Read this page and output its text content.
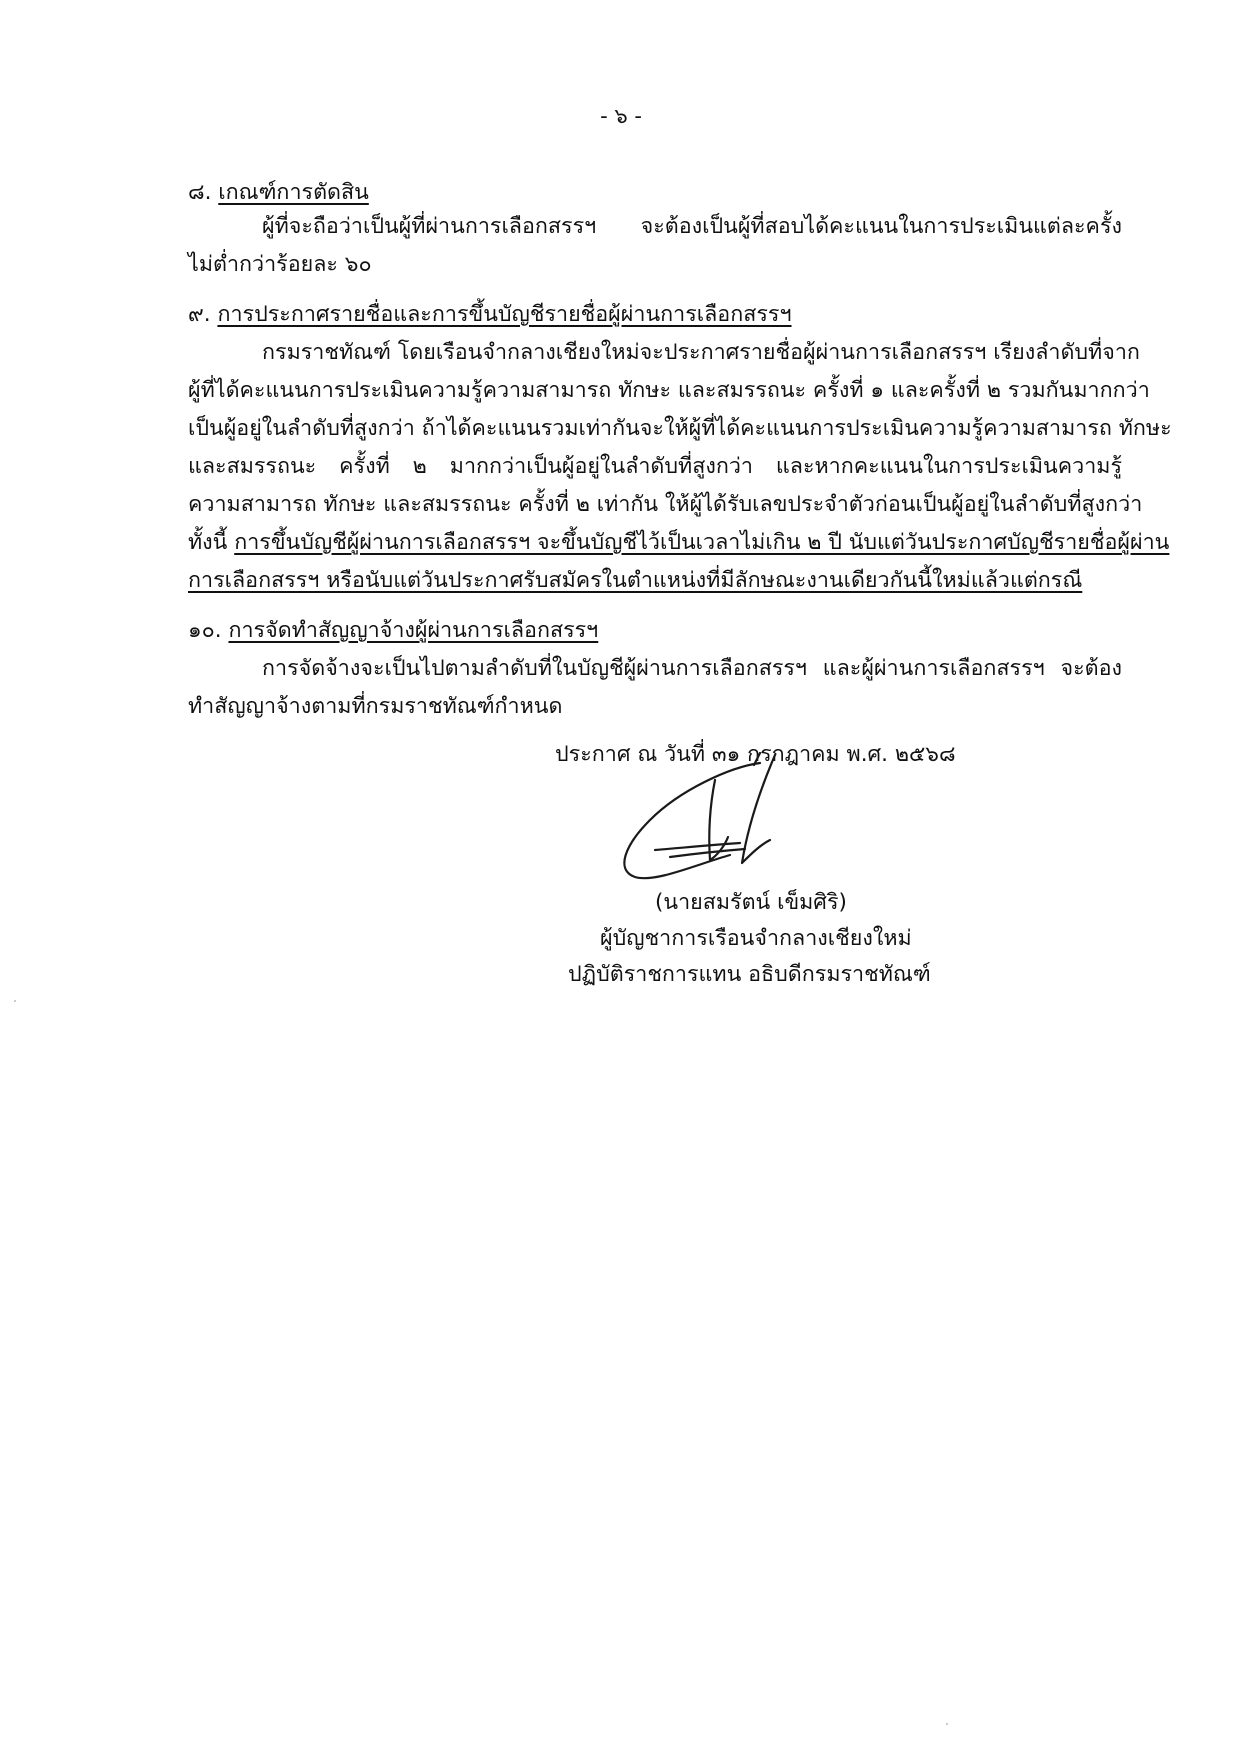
- ๖ -
๘. เกณฑ์การตัดสิน
ผู้ที่จะถือว่าเป็นผู้ที่ผ่านการเลือกสรรฯ จะต้องเป็นผู้ที่สอบได้คะแนนในการประเมินแต่ละครั้ง
ไม่ต่ำกว่าร้อยละ ๖๐
๙. การประกาศรายชื่อและการขึ้นบัญชีรายชื่อผู้ผ่านการเลือกสรรฯ
กรมราชทัณฑ์ โดยเรือนจำกลางเชียงใหม่จะประกาศรายชื่อผู้ผ่านการเลือกสรรฯ เรียงลำดับที่จาก
ผู้ที่ได้คะแนนการประเมินความรู้ความสามารถ ทักษะ และสมรรถนะ ครั้งที่ ๑ และครั้งที่ ๒ รวมกันมากกว่า
เป็นผู้อยู่ในลำดับที่สูงกว่า ถ้าได้คะแนนรวมเท่ากันจะให้ผู้ที่ได้คะแนนการประเมินความรู้ความสามารถ ทักษะ
และสมรรถนะ ครั้งที่ ๒ มากกว่าเป็นผู้อยู่ในลำดับที่สูงกว่า และหากคะแนนในการประเมินความรู้
ความสามารถ ทักษะ และสมรรถนะ ครั้งที่ ๒ เท่ากัน ให้ผู้ได้รับเลขประจำตัวก่อนเป็นผู้อยู่ในลำดับที่สูงกว่า
ทั้งนี้ การขึ้นบัญชีผู้ผ่านการเลือกสรรฯ จะขึ้นบัญชีไว้เป็นเวลาไม่เกิน ๒ ปี นับแต่วันประกาศบัญชีรายชื่อผู้ผ่าน
การเลือกสรรฯ หรือนับแต่วันประกาศรับสมัครในตำแหน่งที่มีลักษณะงานเดียวกันนี้ใหม่แล้วแต่กรณี
๑๐. การจัดทำสัญญาจ้างผู้ผ่านการเลือกสรรฯ
การจัดจ้างจะเป็นไปตามลำดับที่ในบัญชีผู้ผ่านการเลือกสรรฯ และผู้ผ่านการเลือกสรรฯ จะต้อง
ทำสัญญาจ้างตามที่กรมราชทัณฑ์กำหนด
ประกาศ ณ วันที่ ๓๑ กรกฎาคม พ.ศ. ๒๕๖๘
(นายสมรัตน์ เข็มศิริ)
ผู้บัญชาการเรือนจำกลางเชียงใหม่
ปฏิบัติราชการแทน อธิบดีกรมราชทัณฑ์
